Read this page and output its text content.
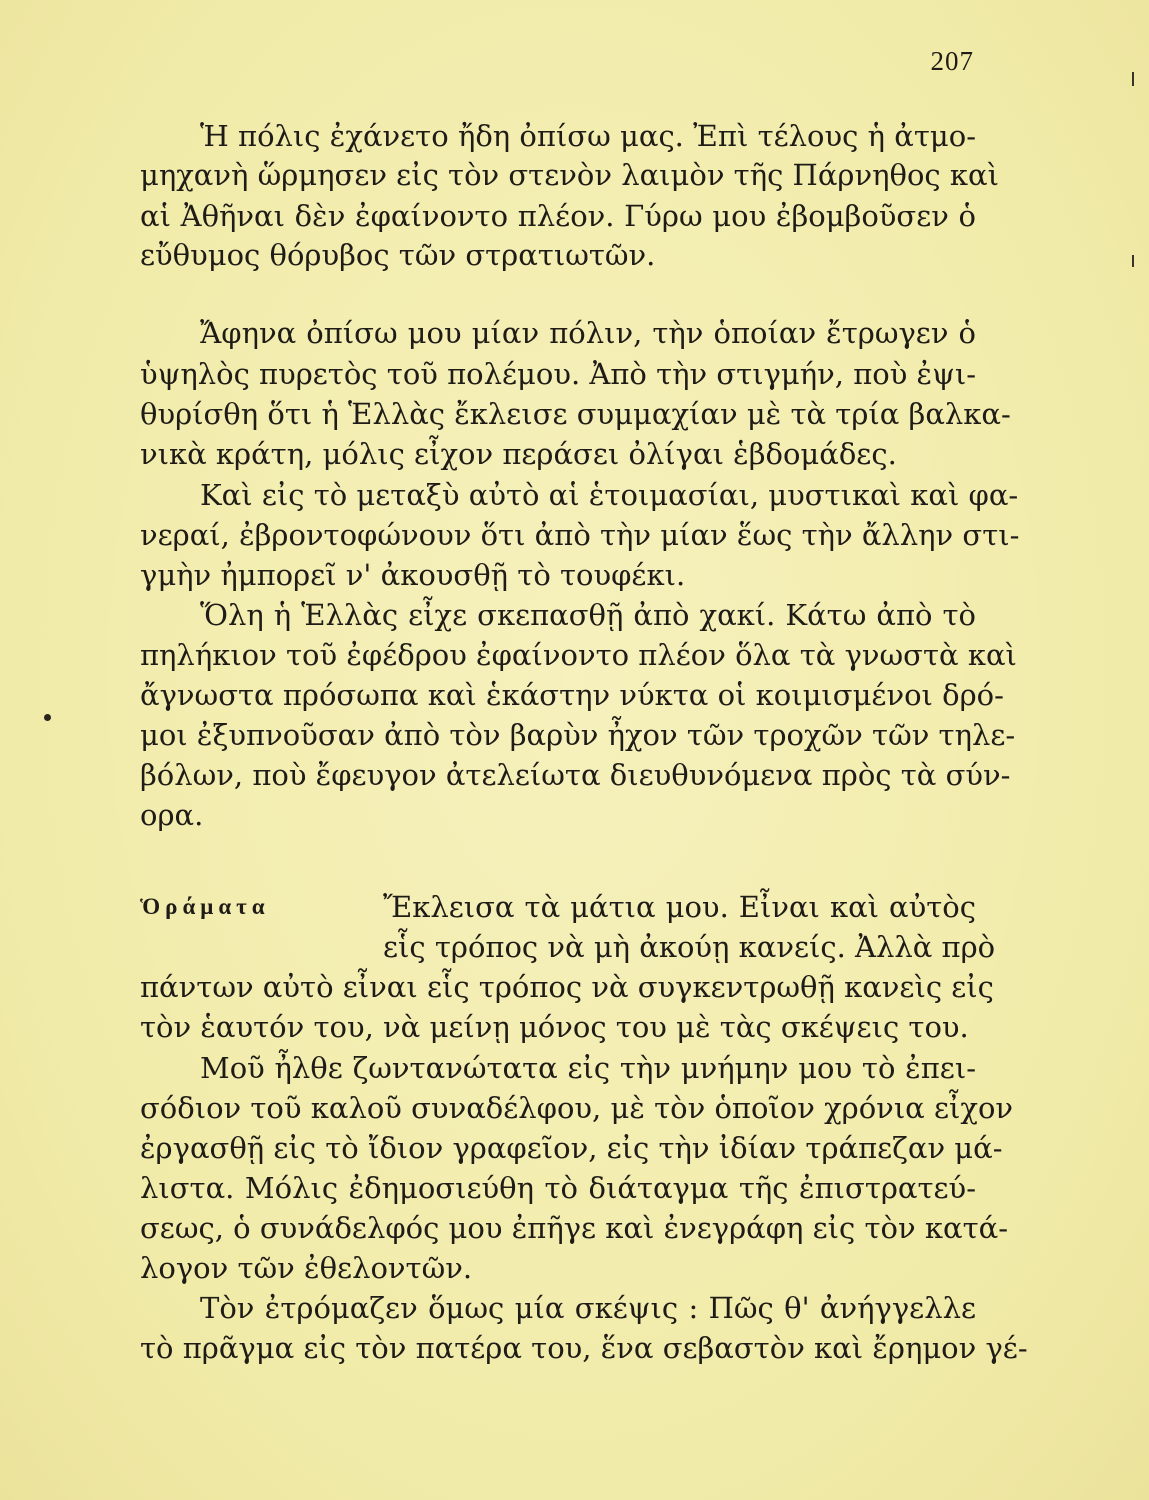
207
Ἡ πόλις ἐχάνετο ἤδη ὀπίσω μας. Ἐπὶ τέλους ἡ ἀτμο-
μηχανὴ ὥρμησεν εἰς τὸν στενὸν λαιμὸν τῆς Πάρνηθος καὶ
αἱ Ἀθῆναι δὲν ἐφαίνοντο πλέον. Γύρω μου ἐβομβοῦσεν ὁ
εὔθυμος θόρυβος τῶν στρατιωτῶν.
Ἄφηνα ὀπίσω μου μίαν πόλιν, τὴν ὁποίαν ἔτρωγεν ὁ
ὑψηλὸς πυρετὸς τοῦ πολέμου. Ἀπὸ τὴν στιγμήν, ποὺ ἐψι-
θυρίσθη ὅτι ἡ Ἑλλὰς ἔκλεισε συμμαχίαν μὲ τὰ τρία βαλκα-
νικὰ κράτη, μόλις εἶχον περάσει ὀλίγαι ἑβδομάδες.
Καὶ εἰς τὸ μεταξὺ αὐτὸ αἱ ἑτοιμασίαι, μυστικαὶ καὶ φα-
νεραί, ἐβροντοφώνουν ὅτι ἀπὸ τὴν μίαν ἕως τὴν ἄλλην στι-
γμὴν ἠμπορεῖ ν' ἀκουσθῇ τὸ τουφέκι.
Ὅλη ἡ Ἑλλὰς εἶχε σκεπασθῇ ἀπὸ χακί. Κάτω ἀπὸ τὸ
πηλήκιον τοῦ ἐφέδρου ἐφαίνοντο πλέον ὅλα τὰ γνωστὰ καὶ
ἄγνωστα πρόσωπα καὶ ἑκάστην νύκτα οἱ κοιμισμένοι δρό-
μοι ἐξυπνοῦσαν ἀπὸ τὸν βαρὺν ἦχον τῶν τροχῶν τῶν τηλε-
βόλων, ποὺ ἔφευγον ἀτελείωτα διευθυνόμενα πρὸς τὰ σύν-
ορα.
Ὁράματα	Ἔκλεισα τὰ μάτια μου. Εἶναι καὶ αὐτὸς
εἷς τρόπος νὰ μὴ ἀκούῃ κανείς. Ἀλλὰ πρὸ
πάντων αὐτὸ εἶναι εἷς τρόπος νὰ συγκεντρωθῇ κανεὶς εἰς
τὸν ἑαυτόν του, νὰ μείνῃ μόνος του μὲ τὰς σκέψεις του.
Μοῦ ἦλθε ζωντανώτατα εἰς τὴν μνήμην μου τὸ ἐπει-
σόδιον τοῦ καλοῦ συναδέλφου, μὲ τὸν ὁποῖον χρόνια εἶχον
ἐργασθῇ εἰς τὸ ἴδιον γραφεῖον, εἰς τὴν ἰδίαν τράπεζαν μά-
λιστα. Μόλις ἐδημοσιεύθη τὸ διάταγμα τῆς ἐπιστρατεύ-
σεως, ὁ συνάδελφός μου ἐπῆγε καὶ ἐνεγράφη εἰς τὸν κατά-
λογον τῶν ἐθελοντῶν.
Τὸν ἐτρόμαζεν ὅμως μία σκέψις : Πῶς θ' ἀνήγγελλε
τὸ πρᾶγμα εἰς τὸν πατέρα του, ἕνα σεβαστὸν καὶ ἔρημον γέ-
